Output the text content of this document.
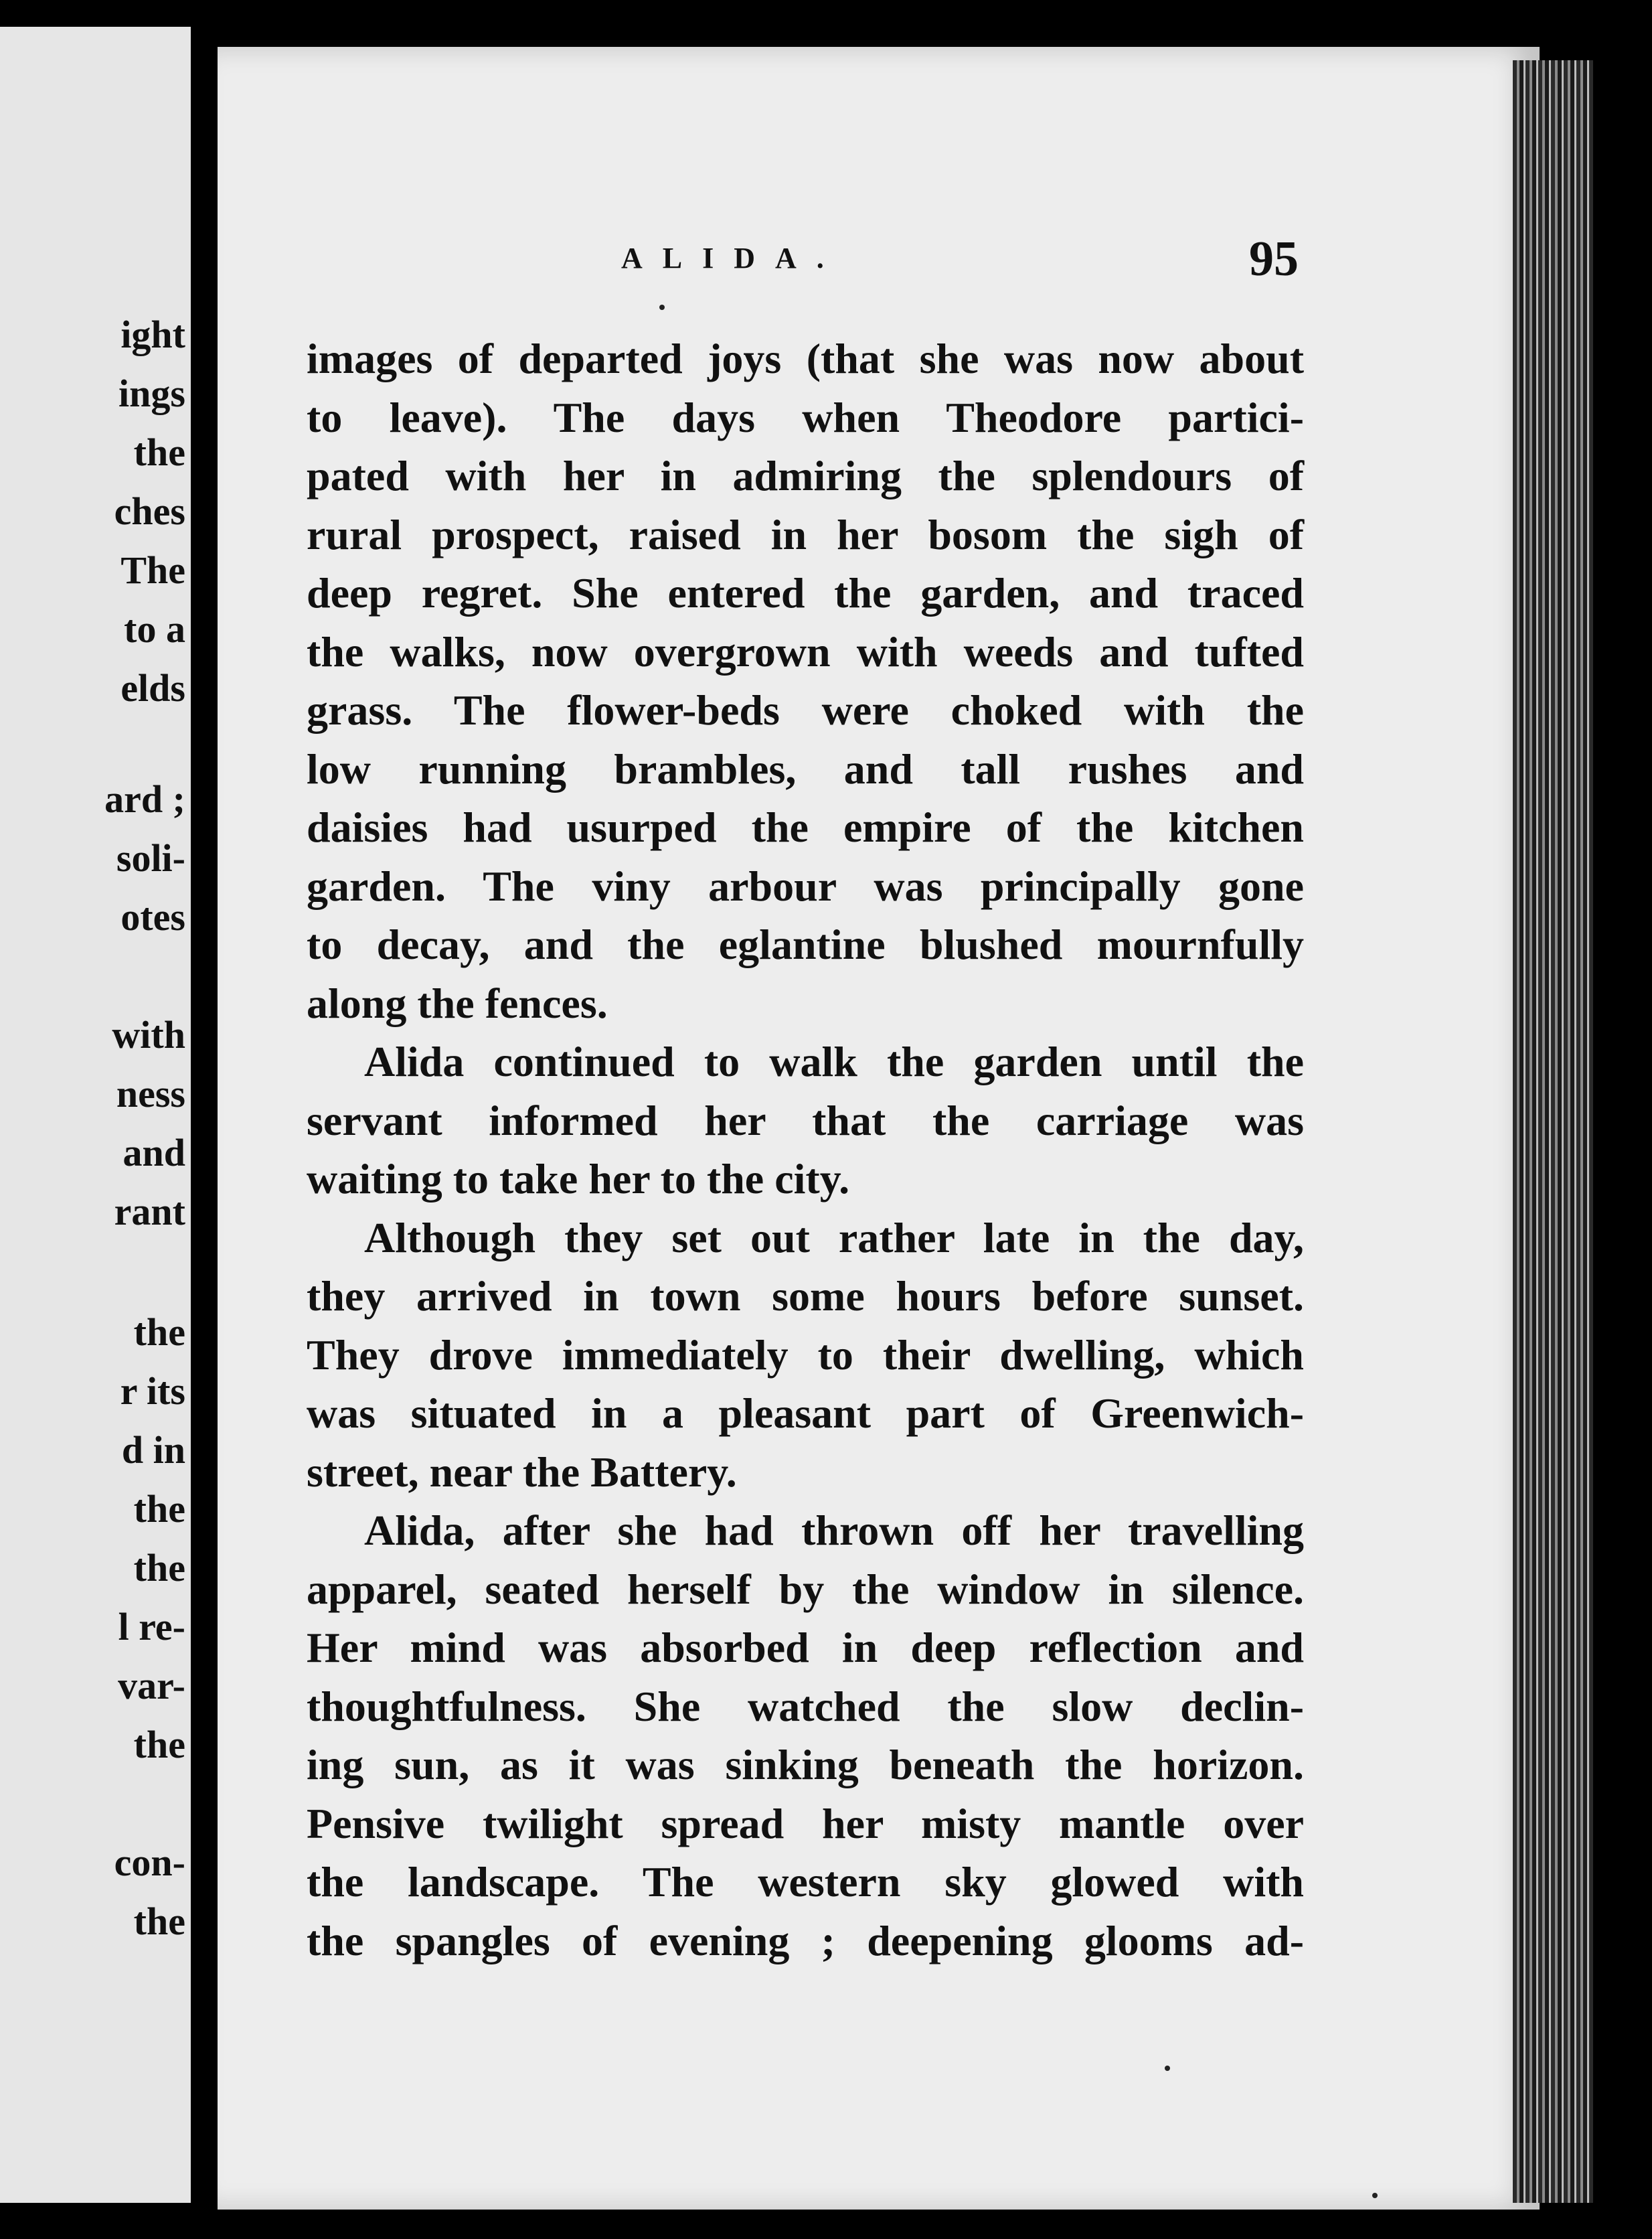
ight
ings
the
ches
The
to a
elds
ard ;
soli-
otes
with
ness
and
rant
the
r its
d in
the
the
l re-
var-
the
con-
the
ALIDA.	95
images of departed joys (that she was now about
to leave). The days when Theodore partici-
pated with her in admiring the splendours of
rural prospect, raised in her bosom the sigh of
deep regret. She entered the garden, and traced
the walks, now overgrown with weeds and tufted
grass. The flower-beds were choked with the
low running brambles, and tall rushes and
daisies had usurped the empire of the kitchen
garden. The viny arbour was principally gone
to decay, and the eglantine blushed mournfully
along the fences.
Alida continued to walk the garden until the
servant informed her that the carriage was
waiting to take her to the city.
Although they set out rather late in the day,
they arrived in town some hours before sunset.
They drove immediately to their dwelling, which
was situated in a pleasant part of Greenwich-
street, near the Battery.
Alida, after she had thrown off her travelling
apparel, seated herself by the window in silence.
Her mind was absorbed in deep reflection and
thoughtfulness. She watched the slow declin-
ing sun, as it was sinking beneath the horizon.
Pensive twilight spread her misty mantle over
the landscape. The western sky glowed with
the spangles of evening ; deepening glooms ad-
